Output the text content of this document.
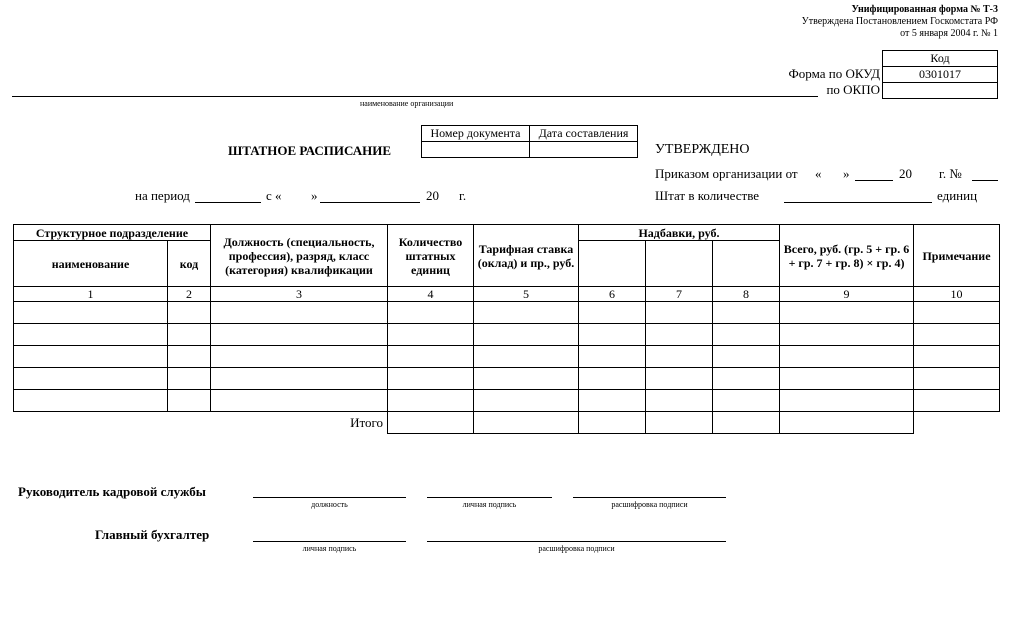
Унифицированная форма № Т-3
Утверждена Постановлением Госкомстата РФ
от 5 января 2004 г. № 1
Код
0301017

Форма по ОКУД
по ОКПО
наименование организации
ШТАТНОЕ РАСПИСАНИЕ
Номер документа	Дата составления

УТВЕРЖДЕНО
Приказом организации от « »	20 г. №
Штат в количестве	единиц
на период	с « »	20 г.
Структурное подразделение		Должность (специальность, профессия), разряд, класс (категория) квалификации	Количество штатных единиц	Тарифная ставка (оклад) и пр., руб.	Надбавки, руб.			Всего, руб. (гр. 5 + гр. 6 + гр. 7 + гр. 8) × гр. 4)	Примечание
наименование	код								
1	2	3	4	5	6	7	8	9	10

Итого									
Руководитель кадровой службы
должность	личная подпись	расшифровка подписи
Главный бухгалтер
личная подпись	расшифровка подписи
